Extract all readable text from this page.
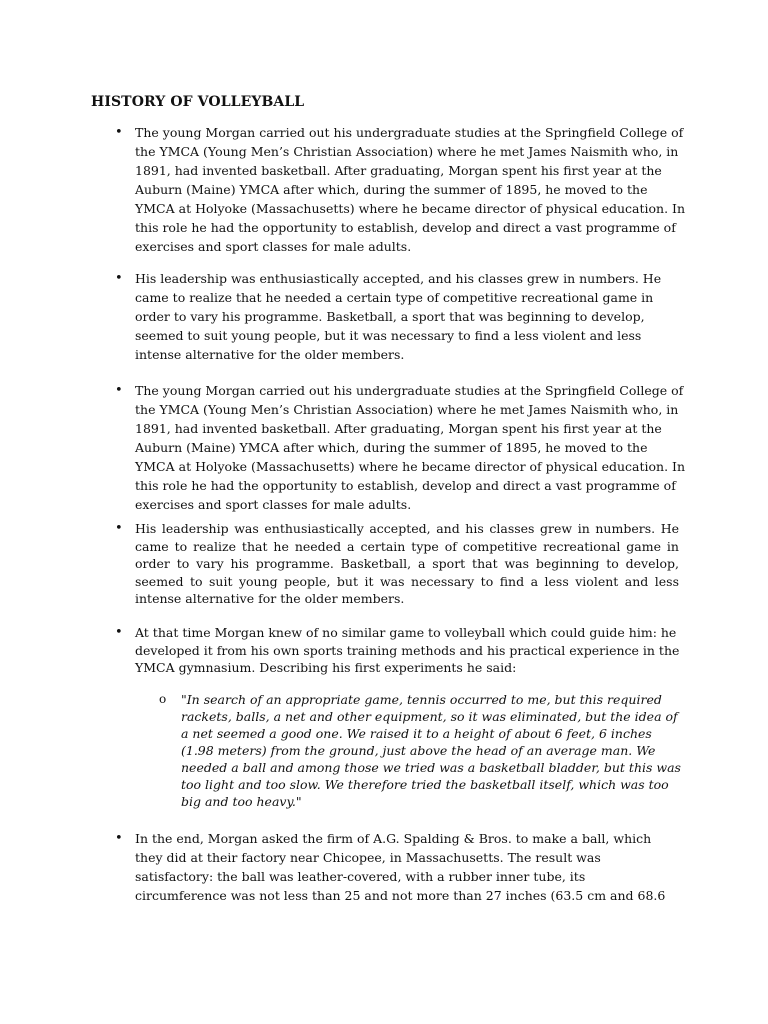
HISTORY OF VOLLEYBALL
• The young Morgan carried out his undergraduate studies at the Springfield College of the YMCA (Young Men’s Christian Association) where he met James Naismith who, in 1891, had invented basketball. After graduating, Morgan spent his first year at the Auburn (Maine) YMCA after which, during the summer of 1895, he moved to the YMCA at Holyoke (Massachusetts) where he became director of physical education. In this role he had the opportunity to establish, develop and direct a vast programme of exercises and sport classes for male adults.
• His leadership was enthusiastically accepted, and his classes grew in numbers. He came to realize that he needed a certain type of competitive recreational game in order to vary his programme. Basketball, a sport that was beginning to develop, seemed to suit young people, but it was necessary to find a less violent and less intense alternative for the older members.
• The young Morgan carried out his undergraduate studies at the Springfield College of the YMCA (Young Men’s Christian Association) where he met James Naismith who, in 1891, had invented basketball. After graduating, Morgan spent his first year at the Auburn (Maine) YMCA after which, during the summer of 1895, he moved to the YMCA at Holyoke (Massachusetts) where he became director of physical education. In this role he had the opportunity to establish, develop and direct a vast programme of exercises and sport classes for male adults.
• His leadership was enthusiastically accepted, and his classes grew in numbers. He came to realize that he needed a certain type of competitive recreational game in order to vary his programme. Basketball, a sport that was beginning to develop, seemed to suit young people, but it was necessary to find a less violent and less intense alternative for the older members.
• At that time Morgan knew of no similar game to volleyball which could guide him: he developed it from his own sports training methods and his practical experience in the YMCA gymnasium. Describing his first experiments he said:
o "In search of an appropriate game, tennis occurred to me, but this required rackets, balls, a net and other equipment, so it was eliminated, but the idea of a net seemed a good one. We raised it to a height of about 6 feet, 6 inches (1.98 meters) from the ground, just above the head of an average man. We needed a ball and among those we tried was a basketball bladder, but this was too light and too slow. We therefore tried the basketball itself, which was too big and too heavy."
• In the end, Morgan asked the firm of A.G. Spalding & Bros. to make a ball, which they did at their factory near Chicopee, in Massachusetts. The result was satisfactory: the ball was leather-covered, with a rubber inner tube, its circumference was not less than 25 and not more than 27 inches (63.5 cm and 68.6
